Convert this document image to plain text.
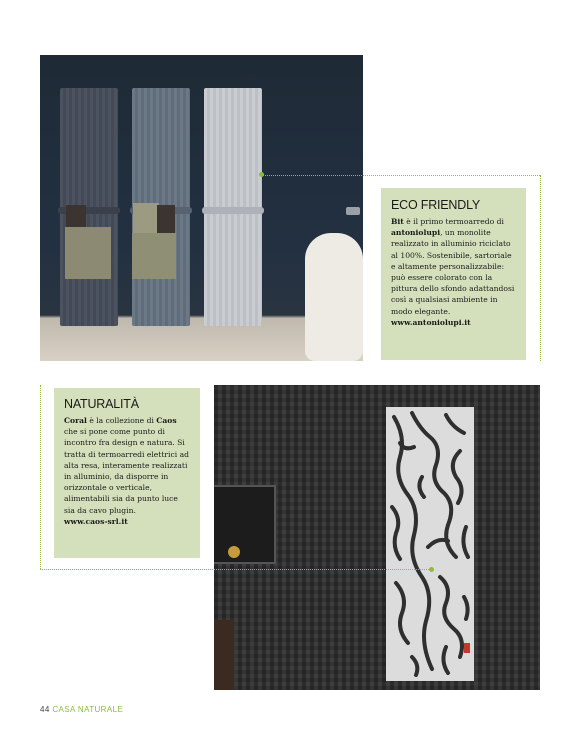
ECO FRIENDLY

Bit è il primo termoarredo di antoniolupi, un monolite realizzato in alluminio riciclato al 100%. Sostenibile, sartoriale e altamente personalizzabile: può essere colorato con la pittura dello sfondo adattandosi così a qualsiasi ambiente in modo elegante.
www.antoniolupi.it

NATURALITÀ

Coral è la collezione di Caos che si pone come punto di incontro fra design e natura. Si tratta di termoarredi elettrici ad alta resa, interamente realizzati in alluminio, da disporre in orizzontale o verticale, alimentabili sia da punto luce sia da cavo plugin.
www.caos-srl.it

44 CASA NATURALE
